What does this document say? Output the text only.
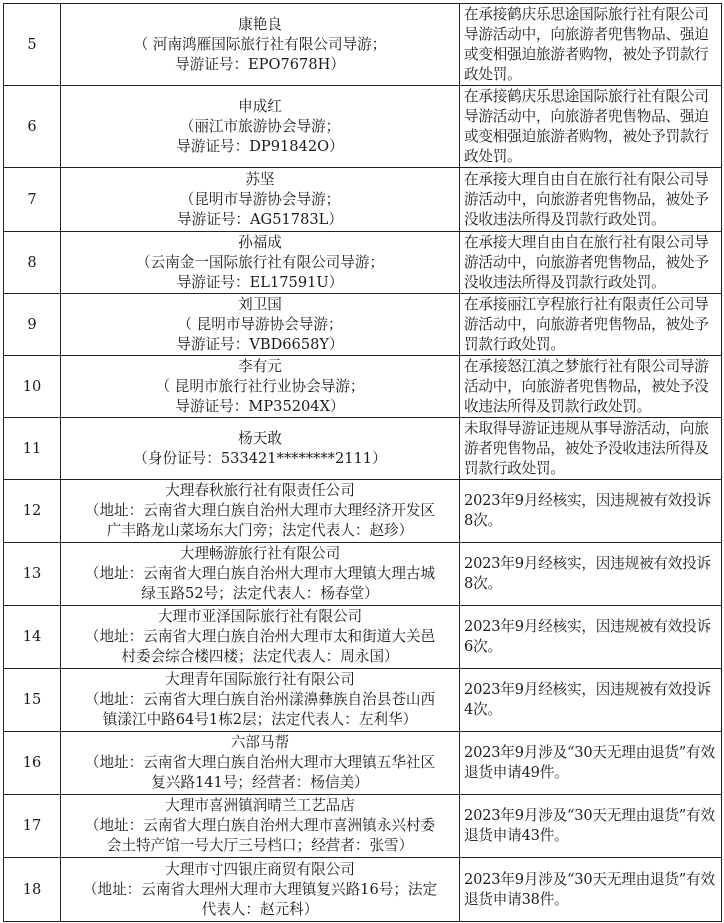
5	康艳良
（ 河南鸿雁国际旅行社有限公司导游；
导游证号：EPO7678H）	在承接鹤庆乐思途国际旅行社有限公司导游活动中，向旅游者兜售物品、强迫或变相强迫旅游者购物，被处予罚款行政处罚。
6	申成红
（丽江市旅游协会导游；
导游证号：DP91842O）	在承接鹤庆乐思途国际旅行社有限公司导游活动中，向旅游者兜售物品、强迫或变相强迫旅游者购物，被处予罚款行政处罚。
7	苏坚
（昆明市导游协会导游；
导游证号：AG51783L）	在承接大理自由自在旅行社有限公司导游活动中，向旅游者兜售物品，被处予没收违法所得及罚款行政处罚。
8	孙福成
（云南金一国际旅行社有限公司导游；
导游证号：EL17591U）	在承接大理自由自在旅行社有限公司导游活动中，向旅游者兜售物品，被处予没收违法所得及罚款行政处罚。
9	刘卫国
（ 昆明市导游协会导游；
导游证号：VBD6658Y）	在承接丽江亨程旅行社有限责任公司导游活动中，向旅游者兜售物品，被处予罚款行政处罚。
10	李有元
（ 昆明市旅行社行业协会导游；
导游证号：MP35204X）	在承接怒江滇之梦旅行社有限公司导游活动中，向旅游者兜售物品，被处予没收违法所得及罚款行政处罚。
11	杨天敢
（身份证号：533421********2111）	未取得导游证违规从事导游活动，向旅游者兜售物品，被处予没收违法所得及罚款行政处罚。
12	大理春秋旅行社有限责任公司
（地址：云南省大理白族自治州大理市大理经济开发区
广丰路龙山菜场东大门旁；法定代表人：赵珍）	2023年9月经核实，因违规被有效投诉8次。
13	大理畅游旅行社有限公司
（地址：云南省大理白族自治州大理市大理镇大理古城
绿玉路52号；法定代表人：杨春堂）	2023年9月经核实，因违规被有效投诉8次。
14	大理市亚泽国际旅行社有限公司
（地址：云南省大理白族自治州大理市太和街道大关邑
村委会综合楼四楼；法定代表人：周永国）	2023年9月经核实，因违规被有效投诉6次。
15	大理青年国际旅行社有限公司
（地址：云南省大理白族自治州漾濞彝族自治县苍山西
镇漾江中路64号1栋2层；法定代表人：左利华）	2023年9月经核实，因违规被有效投诉4次。
16	六部马帮
（地址：云南省大理白族自治州大理市大理镇五华社区
复兴路141号；经营者：杨信美）	2023年9月涉及“30天无理由退货”有效退货申请49件。
17	大理市喜洲镇润晴兰工艺品店
（地址：云南省大理白族自治州大理市喜洲镇永兴村委
会土特产馆一号大厅三号档口；经营者：张雪）	2023年9月涉及“30天无理由退货”有效退货申请43件。
18	大理市寸四银庄商贸有限公司
（地址：云南省大理州大理市大理镇复兴路16号；法定
代表人：赵元科）	2023年9月涉及“30天无理由退货”有效退货申请38件。
